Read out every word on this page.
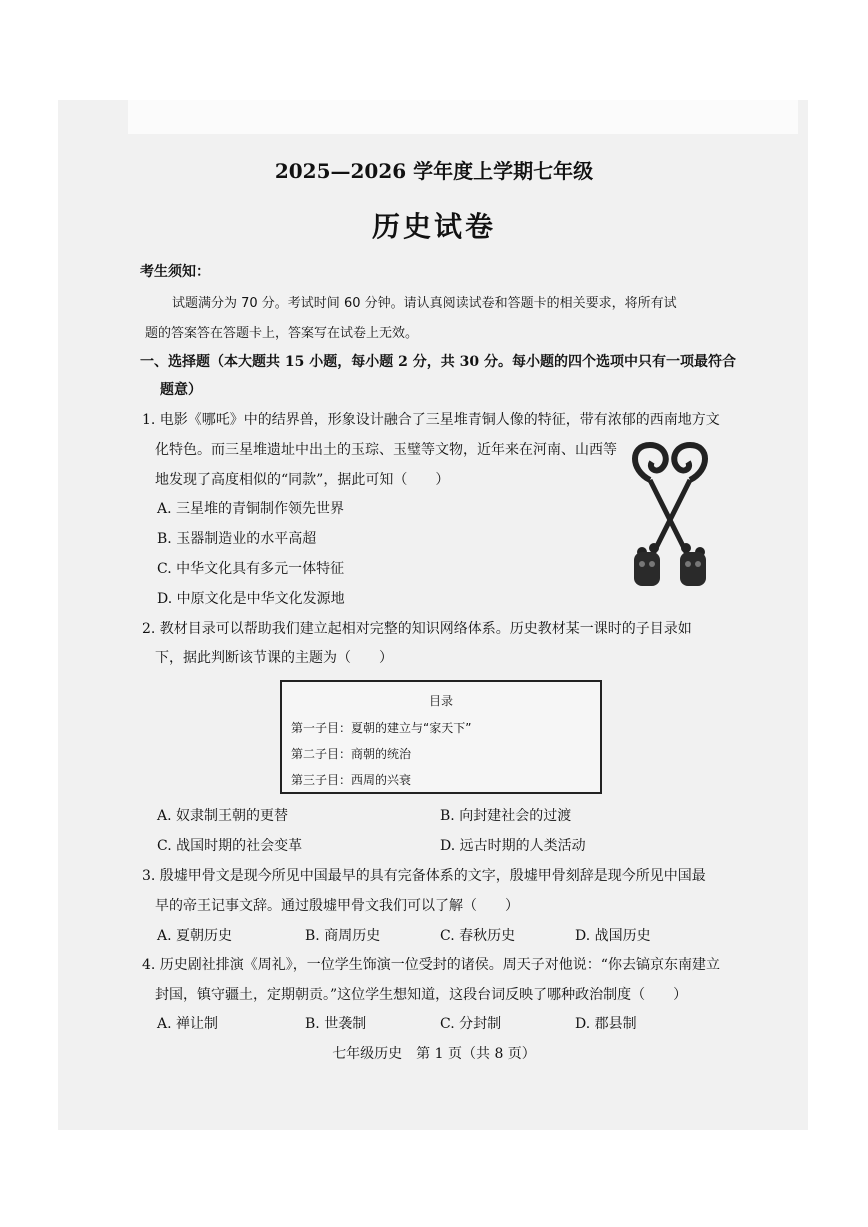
2025—2026 学年度上学期七年级
历史试卷
考生须知：
试题满分为 70 分。考试时间 60 分钟。请认真阅读试卷和答题卡的相关要求，将所有试
题的答案答在答题卡上，答案写在试卷上无效。
一、选择题（本大题共 15 小题，每小题 2 分，共 30 分。每小题的四个选项中只有一项最符合
题意）
1. 电影《哪吒》中的结界兽，形象设计融合了三星堆青铜人像的特征，带有浓郁的西南地方文
化特色。而三星堆遗址中出土的玉琮、玉璧等文物，近年来在河南、山西等
地发现了高度相似的“同款”，据此可知（　　）
A. 三星堆的青铜制作领先世界
B. 玉器制造业的水平高超
C. 中华文化具有多元一体特征
D. 中原文化是中华文化发源地
2. 教材目录可以帮助我们建立起相对完整的知识网络体系。历史教材某一课时的子目录如
下，据此判断该节课的主题为（　　）
目录
第一子目：夏朝的建立与“家天下”
第二子目：商朝的统治
第三子目：西周的兴衰
A. 奴隶制王朝的更替	B. 向封建社会的过渡
C. 战国时期的社会变革	D. 远古时期的人类活动
3. 殷墟甲骨文是现今所见中国最早的具有完备体系的文字，殷墟甲骨刻辞是现今所见中国最
早的帝王记事文辞。通过殷墟甲骨文我们可以了解（　　）
A. 夏朝历史	B. 商周历史	C. 春秋历史	D. 战国历史
4. 历史剧社排演《周礼》，一位学生饰演一位受封的诸侯。周天子对他说：“你去镐京东南建立
封国，镇守疆土，定期朝贡。”这位学生想知道，这段台词反映了哪种政治制度（　　）
A. 禅让制	B. 世袭制	C. 分封制	D. 郡县制
七年级历史　第 1 页（共 8 页）
